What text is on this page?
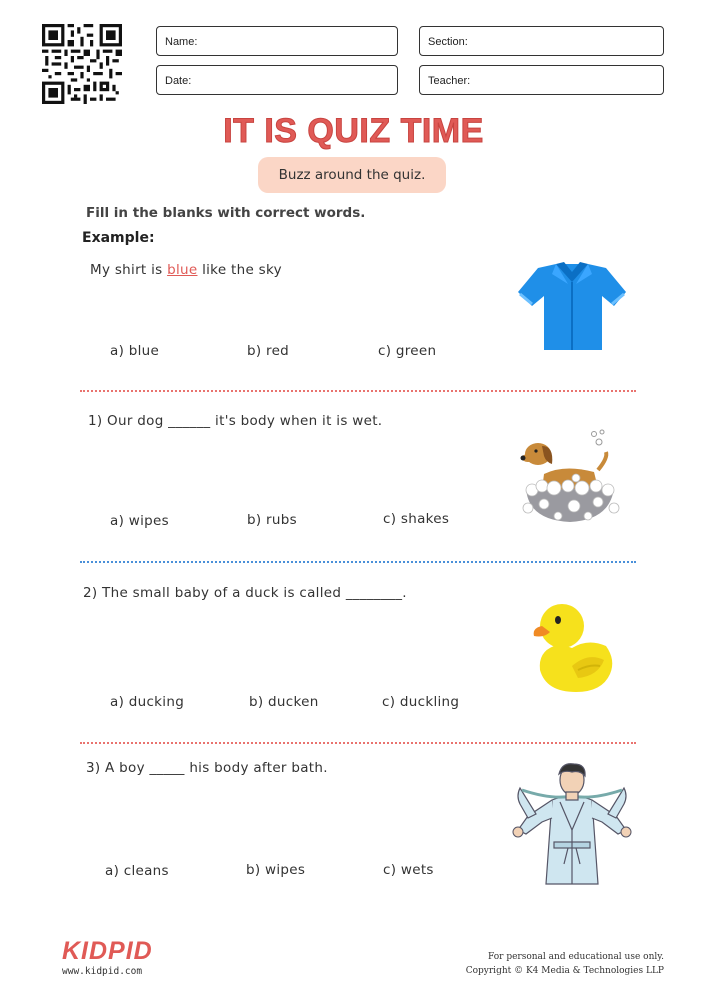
Name:	Section:
Date:	Teacher:
IT IS QUIZ TIME
Buzz around the quiz.
Fill in the blanks with correct words.
Example:
My shirt is blue like the sky
a) blue	b) red	c) green
1) Our dog ______ it's body when it is wet.
a) wipes	b) rubs	c) shakes
2) The small baby of a duck is called ________.
a) ducking	b) ducken	c) duckling
3) A boy _____ his body after bath.
a) cleans	b) wipes	c) wets
KIDPID
www.kidpid.com
For personal and educational use only.
Copyright © K4 Media & Technologies LLP
